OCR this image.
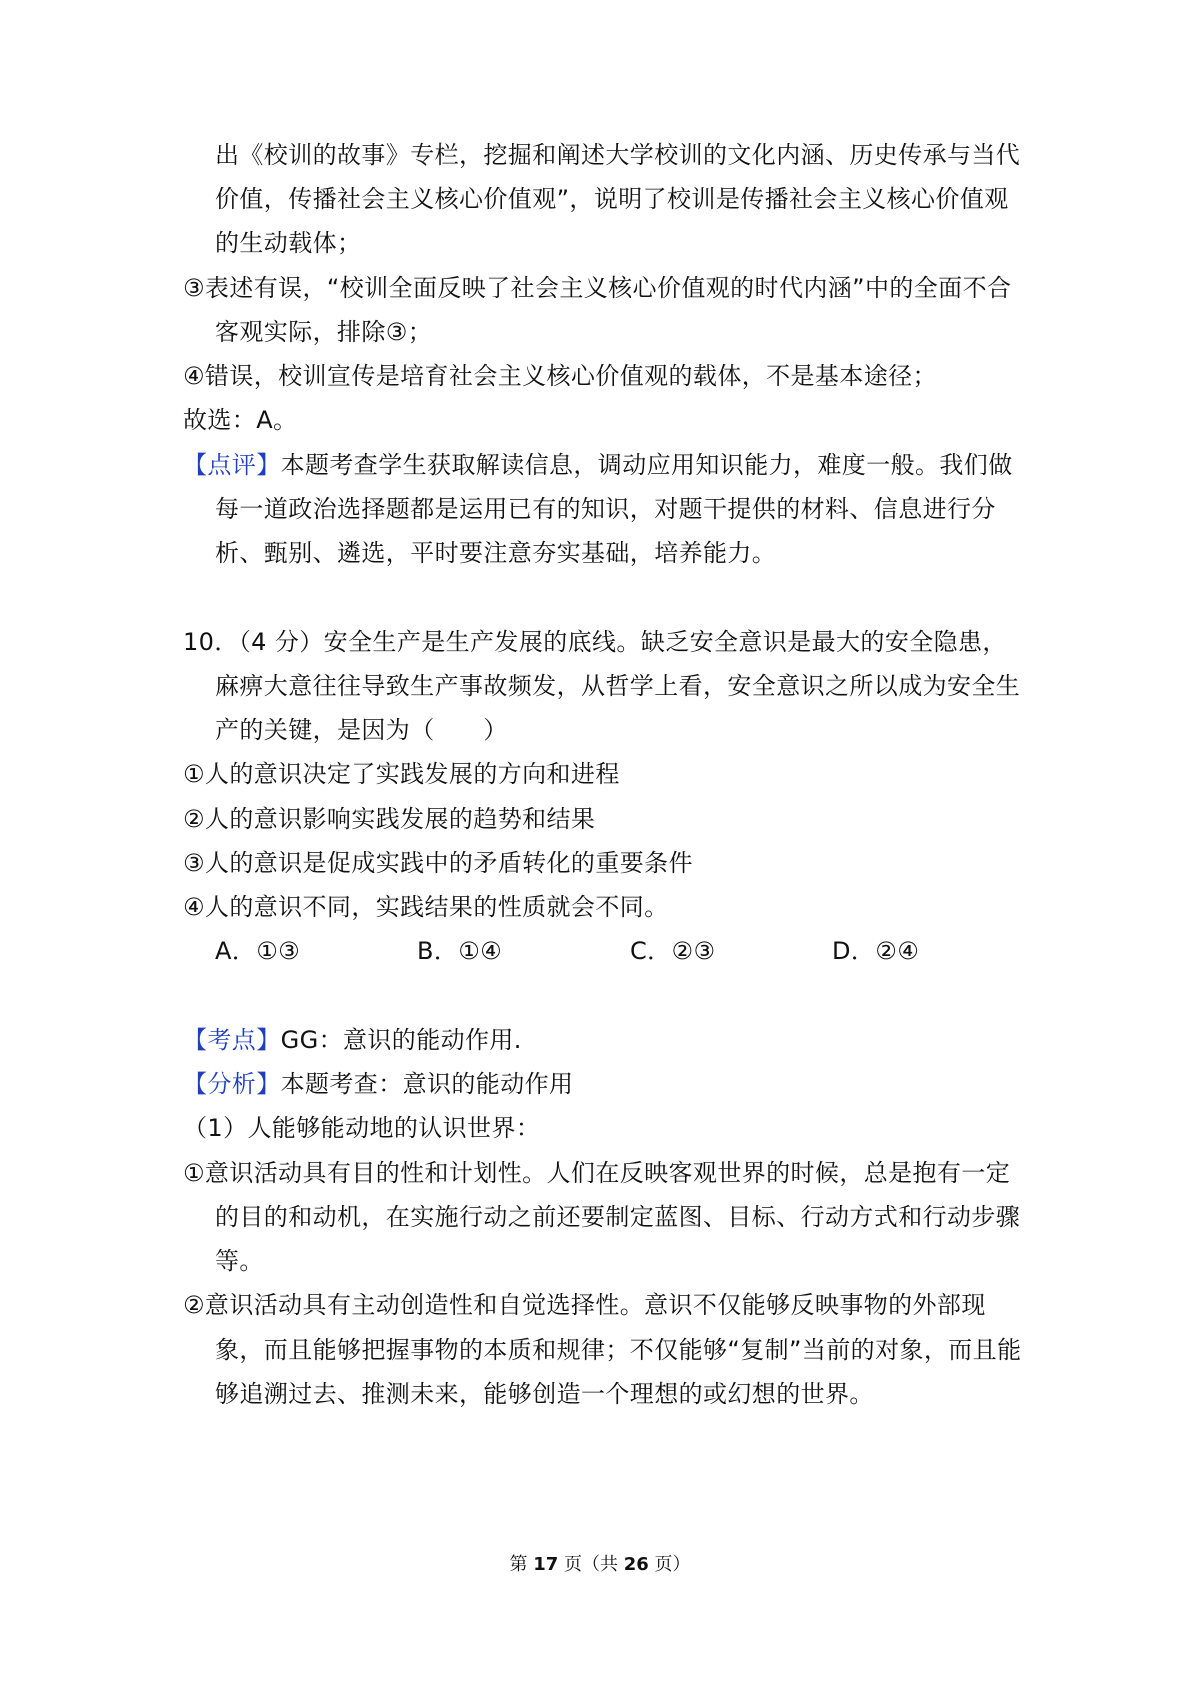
出《校训的故事》专栏，挖掘和阐述大学校训的文化内涵、历史传承与当代
价值，传播社会主义核心价值观”，说明了校训是传播社会主义核心价值观
的生动载体；
③表述有误，“校训全面反映了社会主义核心价值观的时代内涵”中的全面不合
客观实际，排除③；
④错误，校训宣传是培育社会主义核心价值观的载体，不是基本途径；
故选：A。
【点评】本题考查学生获取解读信息，调动应用知识能力，难度一般。我们做
每一道政治选择题都是运用已有的知识，对题干提供的材料、信息进行分
析、甄别、遴选，平时要注意夯实基础，培养能力。
10．（4 分）安全生产是生产发展的底线。缺乏安全意识是最大的安全隐患，
麻痹大意往往导致生产事故频发，从哲学上看，安全意识之所以成为安全生
产的关键，是因为（　　）
①人的意识决定了实践发展的方向和进程
②人的意识影响实践发展的趋势和结果
③人的意识是促成实践中的矛盾转化的重要条件
④人的意识不同，实践结果的性质就会不同。
A．①③	B．①④	C．②③	D．②④
【考点】GG：意识的能动作用.
【分析】本题考查：意识的能动作用
（1）人能够能动地的认识世界：
①意识活动具有目的性和计划性。人们在反映客观世界的时候，总是抱有一定
的目的和动机，在实施行动之前还要制定蓝图、目标、行动方式和行动步骤
等。
②意识活动具有主动创造性和自觉选择性。意识不仅能够反映事物的外部现
象，而且能够把握事物的本质和规律；不仅能够“复制”当前的对象，而且能
够追溯过去、推测未来，能够创造一个理想的或幻想的世界。
第 17 页（共 26 页）
